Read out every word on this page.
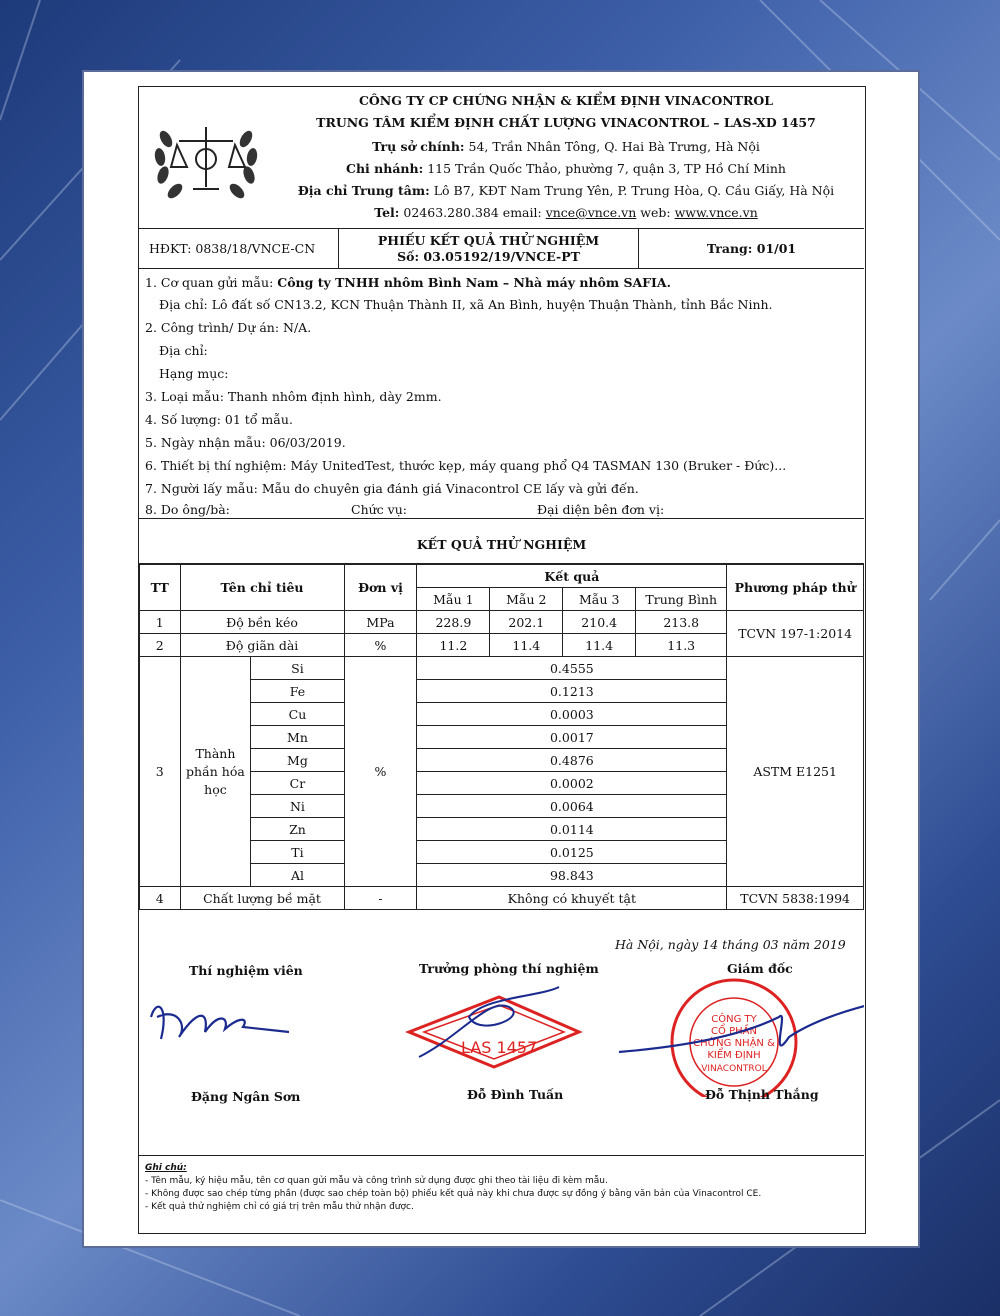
CÔNG TY CP CHỨNG NHẬN & KIỂM ĐỊNH VINACONTROL
TRUNG TÂM KIỂM ĐỊNH CHẤT LƯỢNG VINACONTROL – LAS-XD 1457
Trụ sở chính: 54, Trần Nhân Tông, Q. Hai Bà Trưng, Hà Nội
Chi nhánh: 115 Trần Quốc Thảo, phường 7, quận 3, TP Hồ Chí Minh
Địa chỉ Trung tâm: Lô B7, KĐT Nam Trung Yên, P. Trung Hòa, Q. Cầu Giấy, Hà Nội
Tel: 02463.280.384 email: vnce@vnce.vn web: www.vnce.vn
HĐKT: 0838/18/VNCE-CN
PHIẾU KẾT QUẢ THỬ NGHIỆM
Số: 03.05192/19/VNCE-PT
Trang: 01/01
1. Cơ quan gửi mẫu: Công ty TNHH nhôm Bình Nam – Nhà máy nhôm SAFIA.
Địa chỉ: Lô đất số CN13.2, KCN Thuận Thành II, xã An Bình, huyện Thuận Thành, tỉnh Bắc Ninh.
2. Công trình/ Dự án: N/A.
Địa chỉ:
Hạng mục:
3. Loại mẫu: Thanh nhôm định hình, dày 2mm.
4. Số lượng: 01 tổ mẫu.
5. Ngày nhận mẫu: 06/03/2019.
6. Thiết bị thí nghiệm: Máy UnitedTest, thước kẹp, máy quang phổ Q4 TASMAN 130 (Bruker - Đức)...
7. Người lấy mẫu: Mẫu do chuyên gia đánh giá Vinacontrol CE lấy và gửi đến.
8. Do ông/bà:	Chức vụ:	Đại diện bên đơn vị:
KẾT QUẢ THỬ NGHIỆM
TT	Tên chỉ tiêu		Đơn vị	Kết quả				Phương pháp thử
				Mẫu 1	Mẫu 2	Mẫu 3	Trung Bình	
1	Độ bền kéo		MPa	228.9	202.1	210.4	213.8	TCVN 197-1:2014
2	Độ giãn dài		%	11.2	11.4	11.4	11.3	
3	Thành phần hóa học	Si	%	0.4555				ASTM E1251
		Fe		0.1213				
		Cu		0.0003				
		Mn		0.0017				
		Mg		0.4876				
		Cr		0.0002				
		Ni		0.0064				
		Zn		0.0114				
		Ti		0.0125				
		Al		98.843				
4	Chất lượng bề mặt		-	Không có khuyết tật				TCVN 5838:1994
Hà Nội, ngày 14 tháng 03 năm 2019
Thí nghiệm viên	Trưởng phòng thí nghiệm	Giám đốc
LAS 1457
CÔNG TY
CỔ PHẦN
CHỨNG NHẬN &
KIỂM ĐỊNH
VINACONTROL
Đặng Ngân Sơn	Đỗ Đình Tuấn	Đỗ Thịnh Thắng
Ghi chú:
- Tên mẫu, ký hiệu mẫu, tên cơ quan gửi mẫu và công trình sử dụng được ghi theo tài liệu đi kèm mẫu.
- Không được sao chép từng phần (được sao chép toàn bộ) phiếu kết quả này khi chưa được sự đồng ý bằng văn bản của Vinacontrol CE.
- Kết quả thử nghiệm chỉ có giá trị trên mẫu thử nhận được.
